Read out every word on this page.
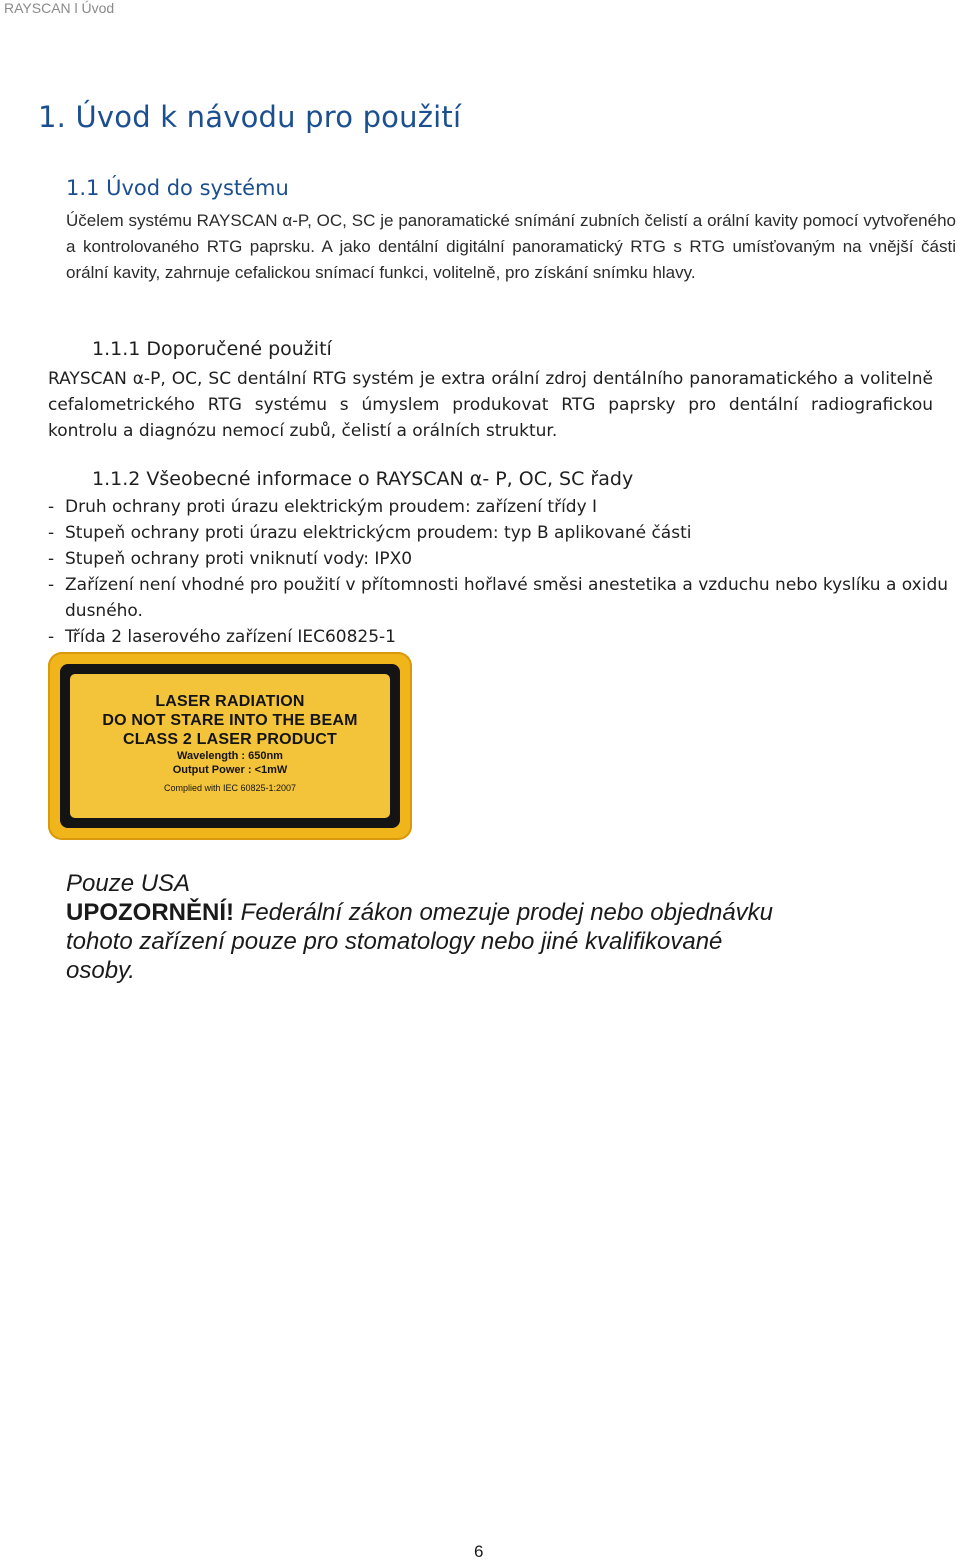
RAYSCAN l Úvod
1. Úvod k návodu pro použití
1.1 Úvod do systému
Účelem systému RAYSCAN α-P, OC, SC je panoramatické snímání zubních čelistí a orální kavity pomocí vytvořeného a kontrolovaného RTG paprsku. A jako dentální digitální panoramatický RTG s RTG umísťovaným na vnější části orální kavity, zahrnuje cefalickou snímací funkci, volitelně, pro získání snímku hlavy.
1.1.1 Doporučené použití
RAYSCAN α-P, OC, SC dentální RTG systém je extra orální zdroj dentálního panoramatického a volitelně cefalometrického RTG systému s úmyslem produkovat RTG paprsky pro dentální radiografickou kontrolu a diagnózu nemocí zubů, čelistí a orálních struktur.
1.1.2 Všeobecné informace o RAYSCAN α- P, OC, SC řady
- Druh ochrany proti úrazu elektrickým proudem: zařízení třídy I
- Stupeň ochrany proti úrazu elektrickýcm proudem: typ B aplikované části
- Stupeň ochrany proti vniknutí vody: IPX0
- Zařízení není vhodné pro použití v přítomnosti hořlavé směsi anestetika a vzduchu nebo kyslíku a oxidu dusného.
- Třída 2 laserového zařízení IEC60825-1
LASER RADIATION
DO NOT STARE INTO THE BEAM
CLASS 2 LASER PRODUCT
Wavelength : 650nm
Output Power : <1mW
Complied with IEC 60825-1:2007
Pouze USA
UPOZORNĚNÍ! Federální zákon omezuje prodej nebo objednávku tohoto zařízení pouze pro stomatology nebo jiné kvalifikované osoby.
6
